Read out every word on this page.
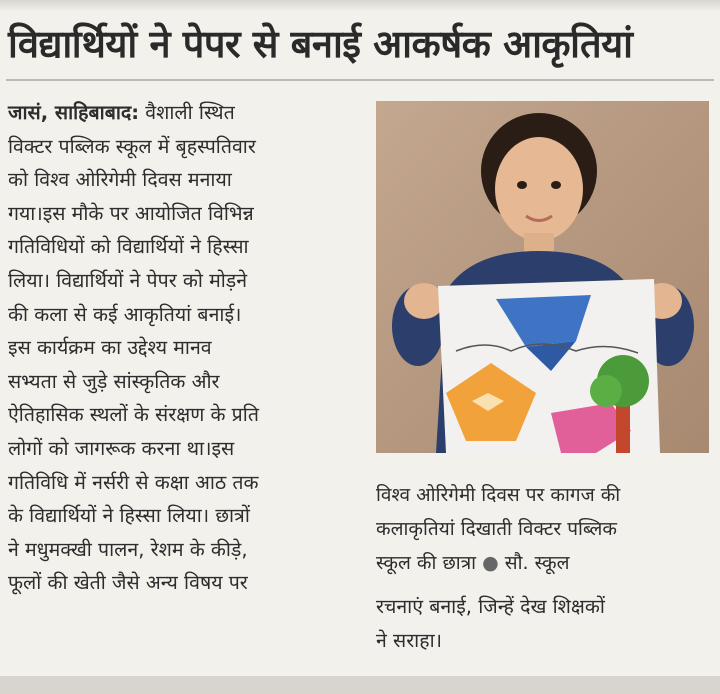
विद्यार्थियों ने पेपर से बनाई आकर्षक आकृतियां
जासं, साहिबाबाद: वैशाली स्थित
विक्टर पब्लिक स्कूल में बृहस्पतिवार
को विश्व ओरिगेमी दिवस मनाया
गया।इस मौके पर आयोजित विभिन्न
गतिविधियों को विद्यार्थियों ने हिस्सा
लिया। विद्यार्थियों ने पेपर को मोड़ने
की कला से कई आकृतियां बनाई।
इस कार्यक्रम का उद्देश्य मानव
सभ्यता से जुड़े सांस्कृतिक और
ऐतिहासिक स्थलों के संरक्षण के प्रति
लोगों को जागरूक करना था।इस
गतिविधि में नर्सरी से कक्षा आठ तक
के विद्यार्थियों ने हिस्सा लिया। छात्रों
ने मधुमक्खी पालन, रेशम के कीड़े,
फूलों की खेती जैसे अन्य विषय पर
विश्व ओरिगेमी दिवस पर कागज की
कलाकृतियां दिखाती विक्टर पब्लिक
स्कूल की छात्रा ● सौ. स्कूल
रचनाएं बनाई, जिन्हें देख शिक्षकों
ने सराहा।
